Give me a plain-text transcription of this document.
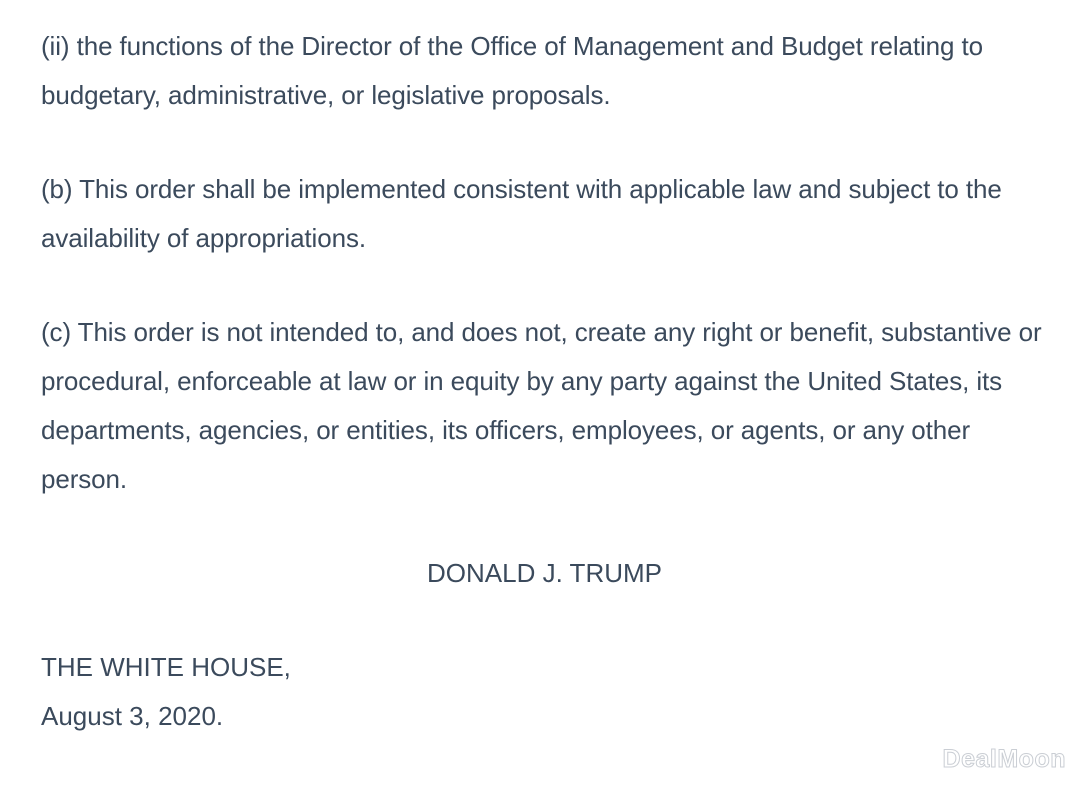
(ii) the functions of the Director of the Office of Management and Budget relating to budgetary, administrative, or legislative proposals.

(b) This order shall be implemented consistent with applicable law and subject to the availability of appropriations.

(c) This order is not intended to, and does not, create any right or benefit, substantive or procedural, enforceable at law or in equity by any party against the United States, its departments, agencies, or entities, its officers, employees, or agents, or any other person.

DONALD J. TRUMP
THE WHITE HOUSE,
August 3, 2020.
DealMoon
